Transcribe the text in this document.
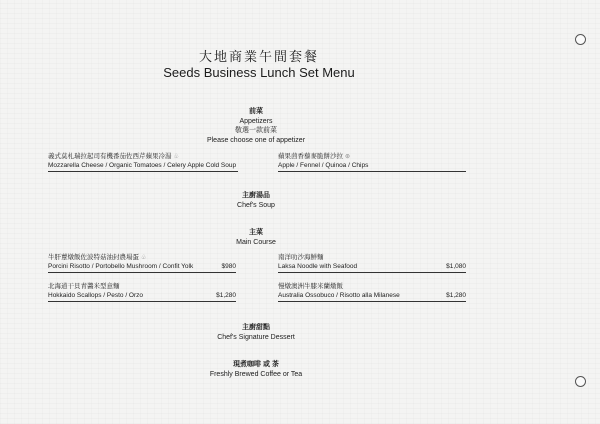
大地商業午間套餐
Seeds Business Lunch Set Menu
前菜
Appetizers
敬選一款前菜
Please choose one of appetizer
義式莫札瑞拉起司有機番茄佐西芹蘋果冷湯 ♧
Mozzarella Cheese / Organic Tomatoes / Celery Apple Cold Soup
蘋果茴香藜麥脆餅沙拉 ⊛
Apple / Fennel / Quinoa / Chips
主廚湯品
Chef's Soup
主菜
Main Course
牛肝蕈燉飯佐波特菇油封農場蛋 ♧
Porcini Risotto / Portobello Mushroom / Confit Yolk	$980
南洋叻沙海鮮麵
Laksa Noodle with Seafood	$1,080
北海道干貝青醬米型意麵
Hokkaido Scallops / Pesto / Orzo	$1,280
慢燉澳洲牛膝米蘭燉飯
Australia Ossobuco / Risotto alla Milanese	$1,280
主廚甜點
Chef's Signature Dessert
現煮咖啡 或 茶
Freshly Brewed Coffee or Tea
